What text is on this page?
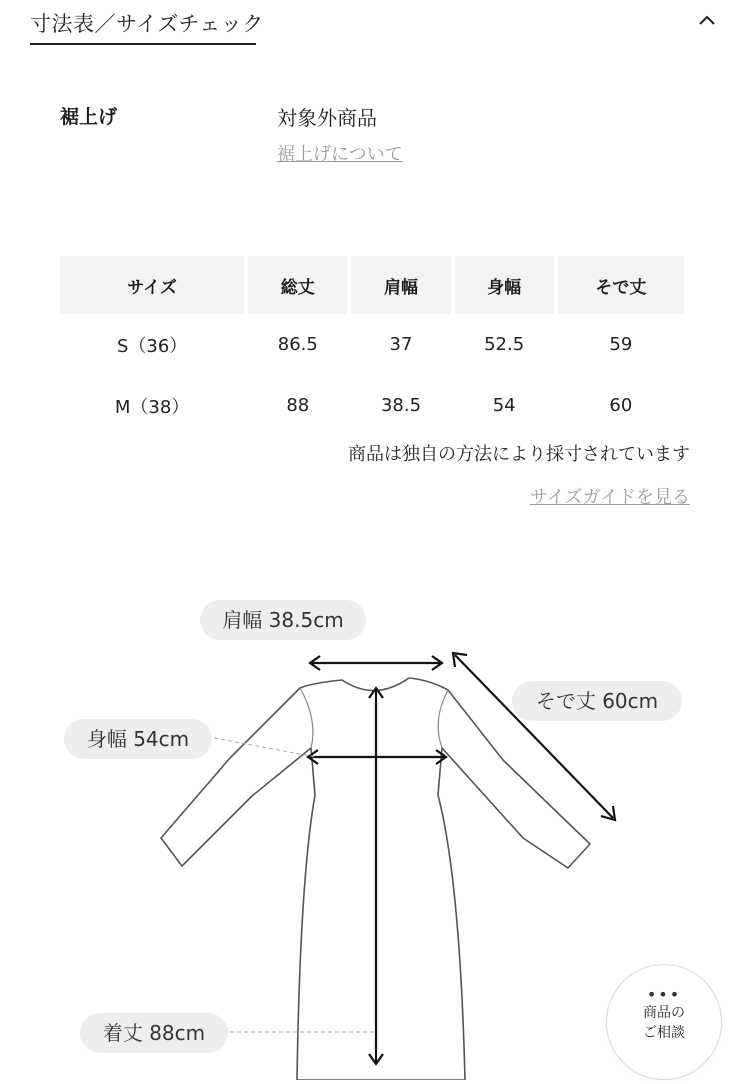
寸法表／サイズチェック
裾上げ	対象外商品
裾上げについて
サイズ	総丈	肩幅	身幅	そで丈
S（36）	86.5	37	52.5	59
M（38）	88	38.5	54	60
商品は独自の方法により採寸されています
サイズガイドを見る
肩幅 38.5cm
そで丈 60cm
身幅 54cm
着丈 88cm
•••
商品の
ご相談
